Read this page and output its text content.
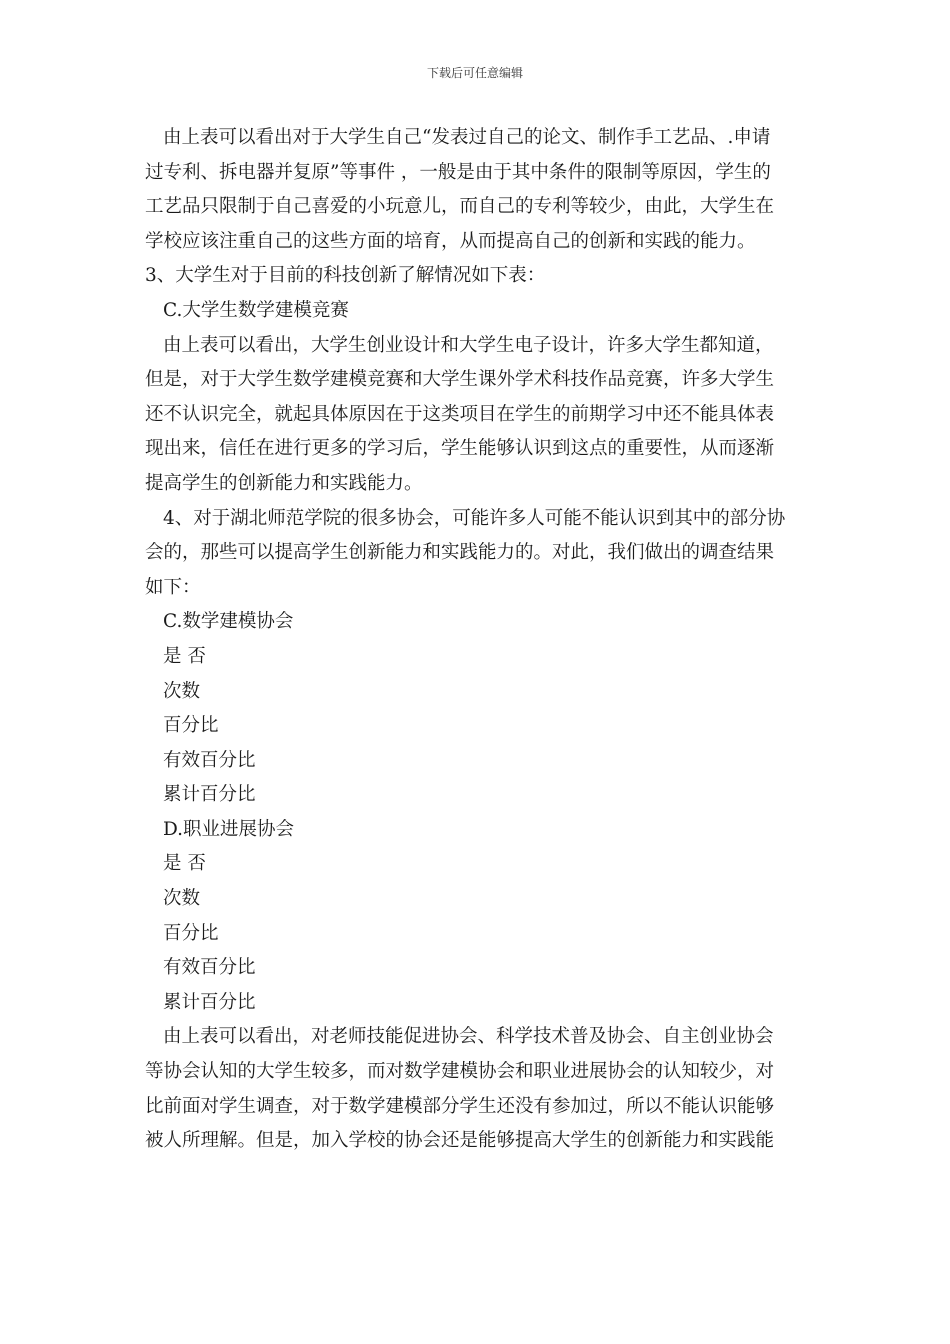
下载后可任意编辑

由上表可以看出对于大学生自己“发表过自己的论文、制作手工艺品、.申请

过专利、拆电器并复原”等事件 ，一般是由于其中条件的限制等原因，学生的

工艺品只限制于自己喜爱的小玩意儿，而自己的专利等较少，由此，大学生在

学校应该注重自己的这些方面的培育，从而提高自己的创新和实践的能力。

3、大学生对于目前的科技创新了解情况如下表：

C.大学生数学建模竞赛

由上表可以看出，大学生创业设计和大学生电子设计，许多大学生都知道，

但是，对于大学生数学建模竞赛和大学生课外学术科技作品竞赛，许多大学生

还不认识完全，就起具体原因在于这类项目在学生的前期学习中还不能具体表

现出来，信任在进行更多的学习后，学生能够认识到这点的重要性，从而逐渐

提高学生的创新能力和实践能力。

4、对于湖北师范学院的很多协会，可能许多人可能不能认识到其中的部分协

会的，那些可以提高学生创新能力和实践能力的。对此，我们做出的调查结果

如下：

C.数学建模协会

是 否

次数

百分比

有效百分比

累计百分比

D.职业进展协会

是 否

次数

百分比

有效百分比

累计百分比

由上表可以看出，对老师技能促进协会、科学技术普及协会、自主创业协会

等协会认知的大学生较多，而对数学建模协会和职业进展协会的认知较少，对

比前面对学生调查，对于数学建模部分学生还没有参加过，所以不能认识能够

被人所理解。但是，加入学校的协会还是能够提高大学生的创新能力和实践能
